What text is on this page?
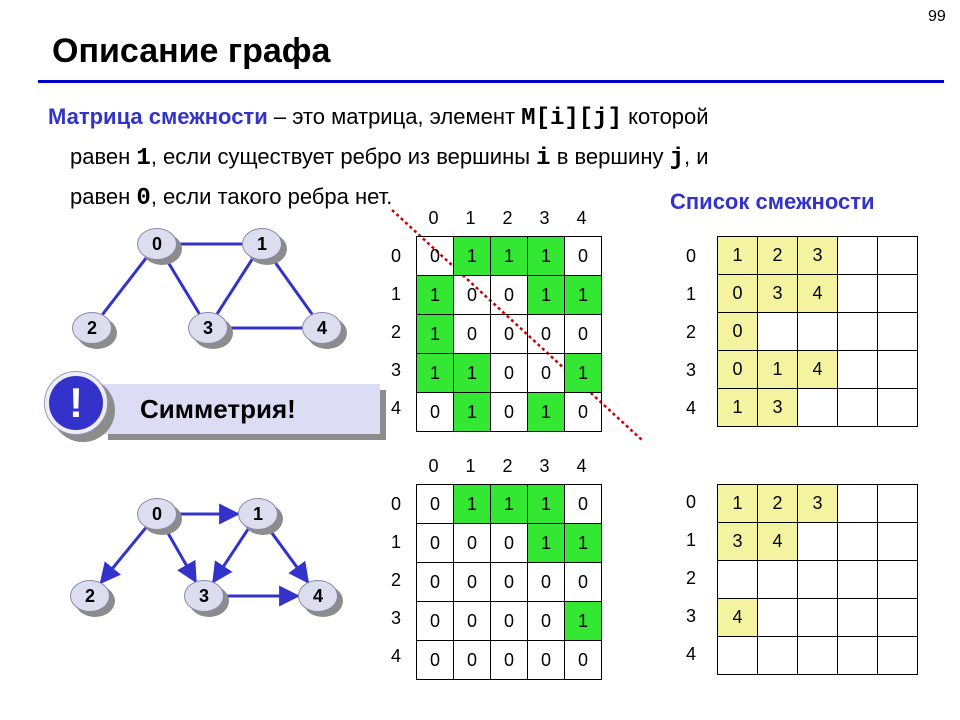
99
Описание графа
Матрица смежности – это матрица, элемент M[i][j] которой
равен 1, если существует ребро из вершины i в вершину j, и
равен 0, если такого ребра нет.	Список смежности
0	1
2	3	4
0	1
2	3	4
Симметрия!
!
0	1	2	3	4
0
1
2
3
4
0	1	1	1	0
1	0	0	1	1
1	0	0	0	0
1	1	0	0	1
0	1	0	1	0
0
1
2
3
4
1	2	3		
0	3	4		
0				
0	1	4		
1	3			
0	1	2	3	4
0
1
2
3
4
0	1	1	1	0
0	0	0	1	1
0	0	0	0	0
0	0	0	0	1
0	0	0	0	0
0
1
2
3
4
1	2	3		
3	4			

4				
